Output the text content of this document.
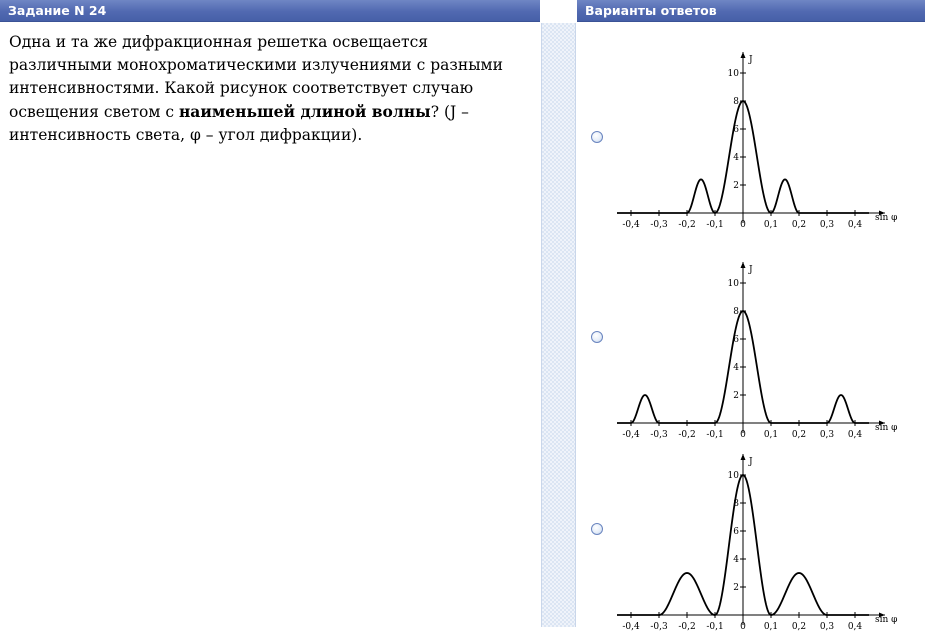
Задание N 24	Варианты ответов

Одна и та же дифракционная решетка освещается различными монохроматическими излучениями с разными интенсивностями. Какой рисунок соответствует случаю освещения светом с наименьшей длиной волны? (J – интенсивность света, φ – угол дифракции).

2
4
6
8
10
-0,4 -0,3 -0,2 -0,1 0 0,1 0,2 0,3 0,4
J
sin φ
2
4
6
8
10
-0,4 -0,3 -0,2 -0,1 0 0,1 0,2 0,3 0,4
J
sin φ
2
4
6
8
10
-0,4 -0,3 -0,2 -0,1 0 0,1 0,2 0,3 0,4
J
sin φ
